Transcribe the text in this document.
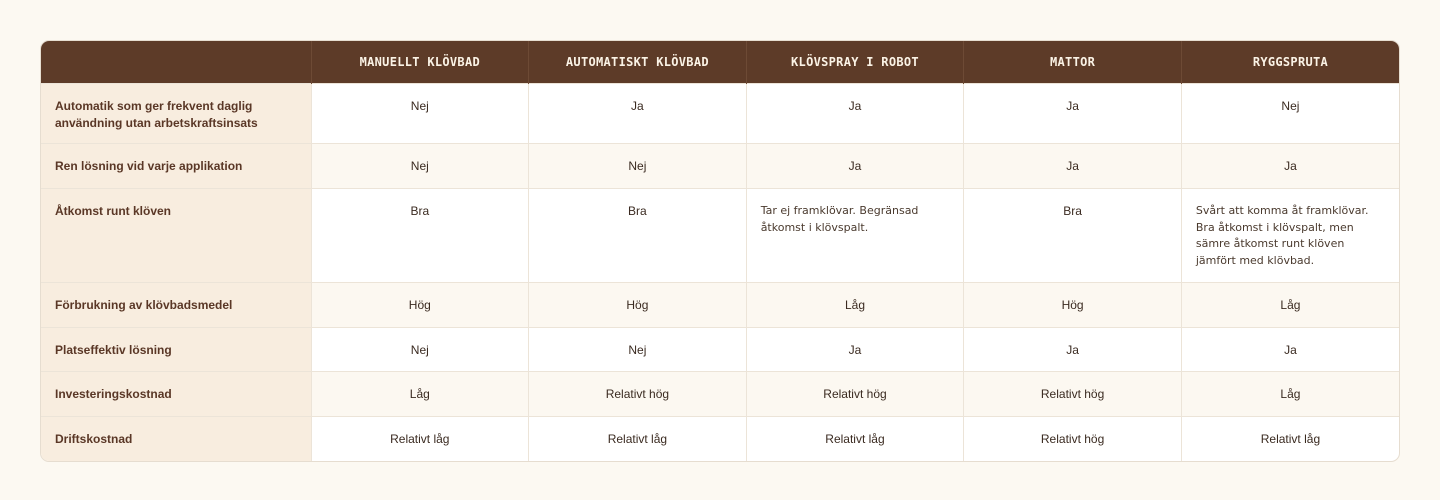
	MANUELLT KLÖVBAD	AUTOMATISKT KLÖVBAD	KLÖVSPRAY I ROBOT	MATTOR	RYGGSPRUTA
Automatik som ger frekvent daglig användning utan arbetskraftsinsats	Nej	Ja	Ja	Ja	Nej
Ren lösning vid varje applikation	Nej	Nej	Ja	Ja	Ja
Åtkomst runt klöven	Bra	Bra	Tar ej framklövar. Begränsad åtkomst i klövspalt.	Bra	Svårt att komma åt framklövar. Bra åtkomst i klövspalt, men sämre åtkomst runt klöven jämfört med klövbad.
Förbrukning av klövbadsmedel	Hög	Hög	Låg	Hög	Låg
Platseffektiv lösning	Nej	Nej	Ja	Ja	Ja
Investeringskostnad	Låg	Relativt hög	Relativt hög	Relativt hög	Låg
Driftskostnad	Relativt låg	Relativt låg	Relativt låg	Relativt hög	Relativt låg
